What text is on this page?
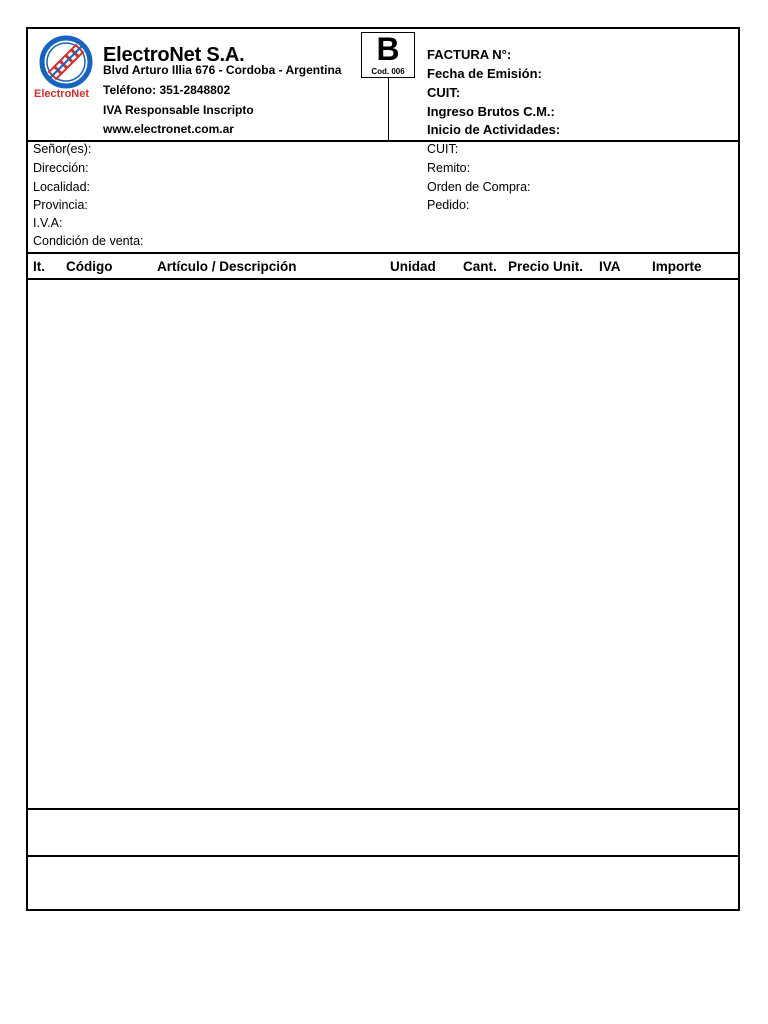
ElectroNet
ElectroNet S.A.
Blvd Arturo Illia 676 - Cordoba - Argentina
Teléfono: 351-2848802
IVA Responsable Inscripto
www.electronet.com.ar
B
Cod. 006
FACTURA N°:
Fecha de Emisión:
CUIT:
Ingreso Brutos C.M.:
Inicio de Actividades:
Señor(es):
Dirección:
Localidad:
Provincia:
I.V.A:
Condición de venta:
CUIT:
Remito:
Orden de Compra:
Pedido:
It. Código	Artículo / Descripción	Unidad Cant. Precio Unit. IVA Importe
